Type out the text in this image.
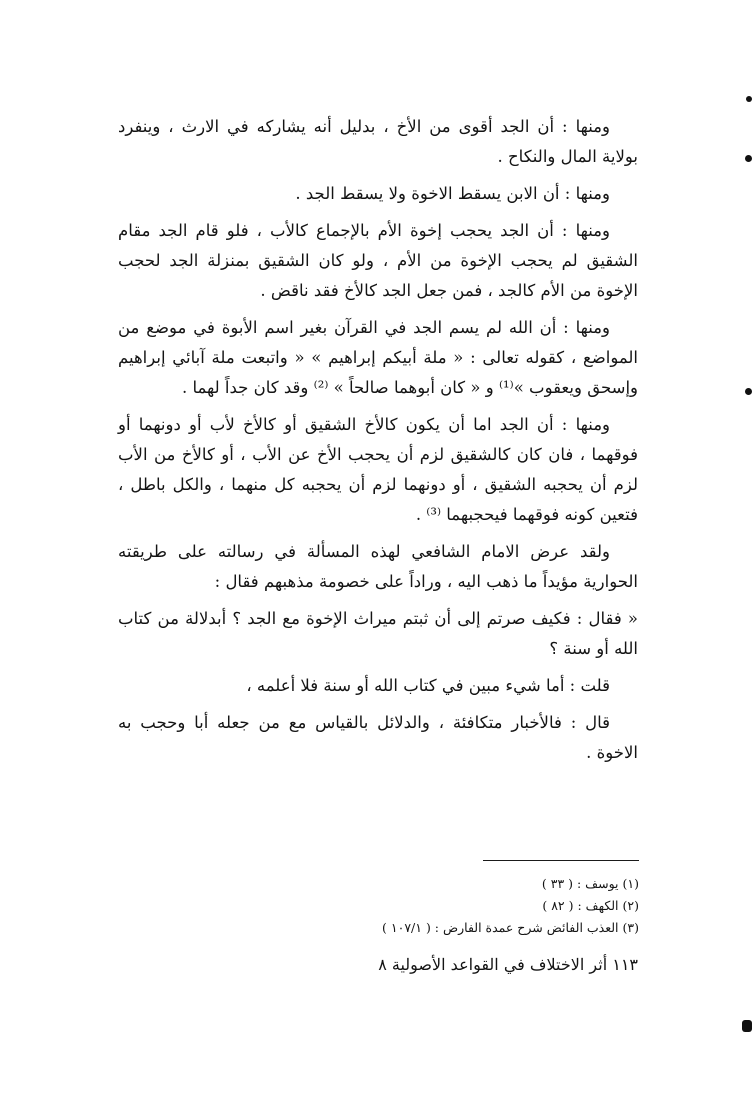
ومنها : أن الجد أقوى من الأخ ، بدليل أنه يشاركه في الارث ، وينفرد بولاية المال والنكاح .

ومنها : أن الابن يسقط الاخوة ولا يسقط الجد .

ومنها : أن الجد يحجب إخوة الأم بالإجماع كالأب ، فلو قام الجد مقام الشقيق لم يحجب الإخوة من الأم ، ولو كان الشقيق بمنزلة الجد لحجب الإخوة من الأم كالجد ، فمن جعل الجد كالأخ فقد ناقض .

ومنها : أن الله لم يسم الجد في القرآن بغير اسم الأبوة في موضع من المواضع ، كقوله تعالى : « ملة أبيكم إبراهيم » « واتبعت ملة آبائي إبراهيم وإسحق ويعقوب »⁽¹⁾ و « كان أبوهما صالحاً » ⁽²⁾ وقد كان جداً لهما .

ومنها : أن الجد اما أن يكون كالأخ الشقيق أو كالأخ لأب أو دونهما أو فوقهما ، فان كان كالشقيق لزم أن يحجب الأخ عن الأب ، أو كالأخ من الأب لزم أن يحجبه الشقيق ، أو دونهما لزم أن يحجبه كل منهما ، والكل باطل ، فتعين كونه فوقهما فيحجبهما ⁽³⁾ .

ولقد عرض الامام الشافعي لهذه المسألة في رسالته على طريقته الحوارية مؤيداً ما ذهب اليه ، وراداً على خصومة مذهبهم فقال :

« فقال : فكيف صرتم إلى أن ثبتم ميراث الإخوة مع الجد ؟ أبدلالة من كتاب الله أو سنة ؟

قلت : أما شيء مبين في كتاب الله أو سنة فلا أعلمه ،

قال : فالأخبار متكافئة ، والدلائل بالقياس مع من جعله أبا وحجب به الاخوة .

(١) يوسف : ( ٣٣ )
(٢) الكهف : ( ٨٢ )
(٣) العذب الفائض شرح عمدة الفارض : ( ١٠٧/١ )
١١٣ أثر الاختلاف في القواعد الأصولية ٨
